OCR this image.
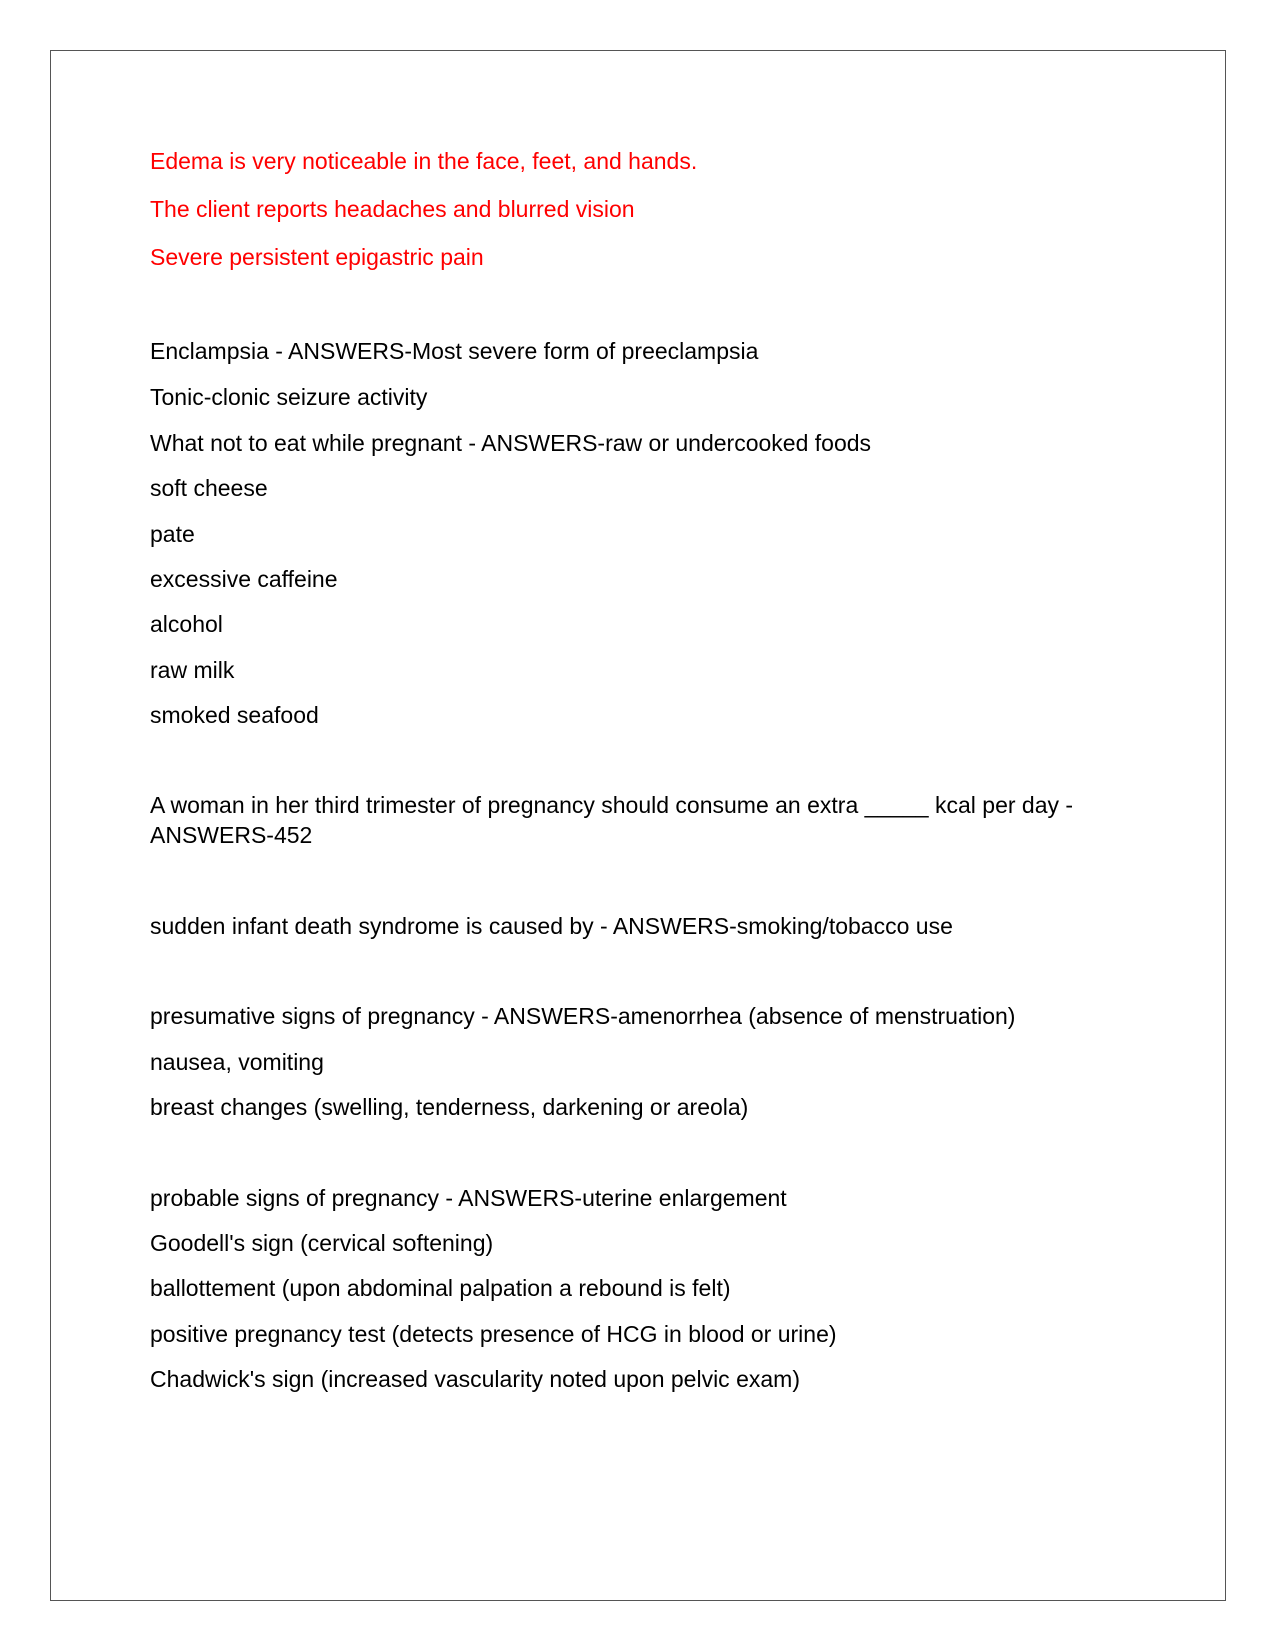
Edema is very noticeable in the face, feet, and hands.
The client reports headaches and blurred vision
Severe persistent epigastric pain
Enclampsia - ANSWERS-Most severe form of preeclampsia
Tonic-clonic seizure activity
What not to eat while pregnant - ANSWERS-raw or undercooked foods
soft cheese
pate
excessive caffeine
alcohol
raw milk
smoked seafood
A woman in her third trimester of pregnancy should consume an extra _____ kcal per day - ANSWERS-452
sudden infant death syndrome is caused by - ANSWERS-smoking/tobacco use
presumative signs of pregnancy - ANSWERS-amenorrhea (absence of menstruation)
nausea, vomiting
breast changes (swelling, tenderness, darkening or areola)
probable signs of pregnancy - ANSWERS-uterine enlargement
Goodell's sign (cervical softening)
ballottement (upon abdominal palpation a rebound is felt)
positive pregnancy test (detects presence of HCG in blood or urine)
Chadwick's sign (increased vascularity noted upon pelvic exam)
